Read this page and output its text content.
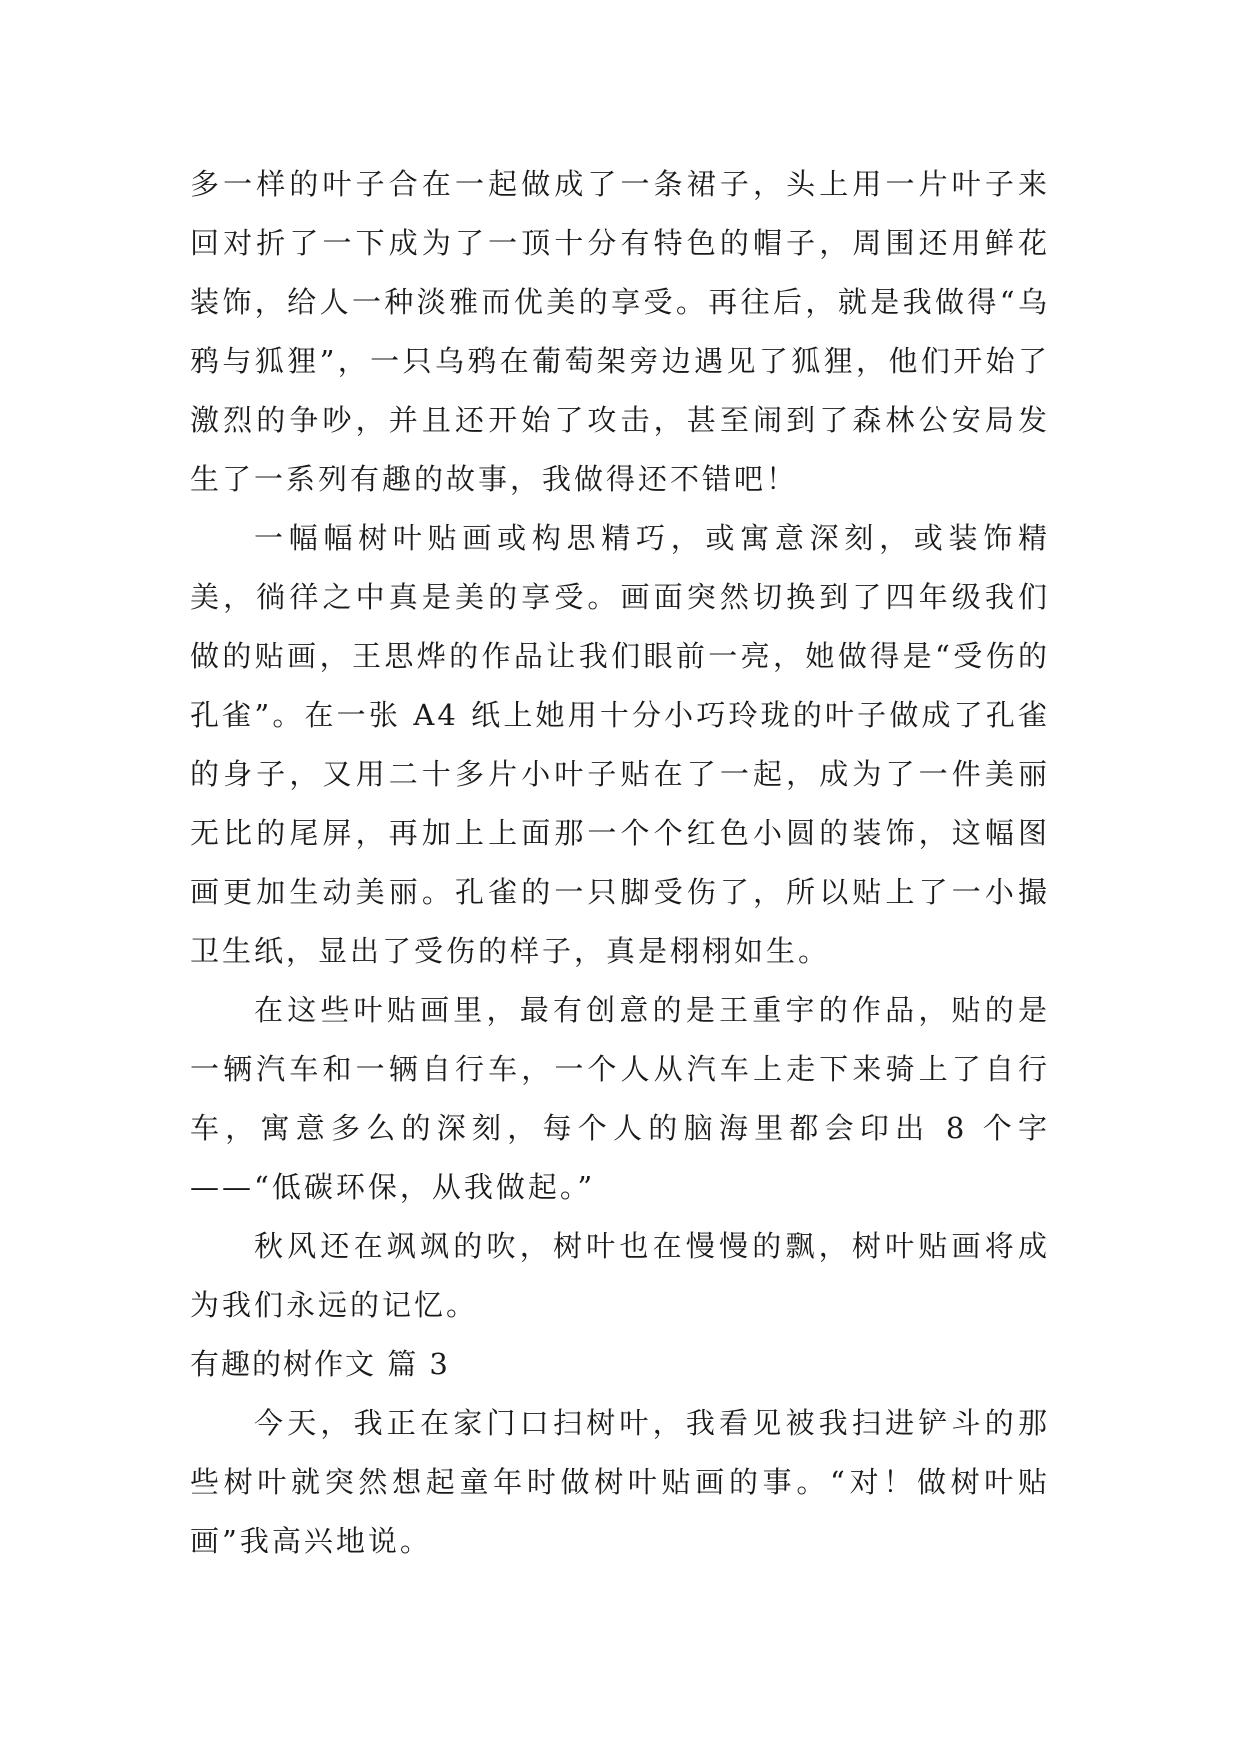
多一样的叶子合在一起做成了一条裙子，头上用一片叶子来回对折了一下成为了一顶十分有特色的帽子，周围还用鲜花装饰，给人一种淡雅而优美的享受。再往后，就是我做得“乌鸦与狐狸”，一只乌鸦在葡萄架旁边遇见了狐狸，他们开始了激烈的争吵，并且还开始了攻击，甚至闹到了森林公安局发生了一系列有趣的故事，我做得还不错吧！

一幅幅树叶贴画或构思精巧，或寓意深刻，或装饰精美，徜徉之中真是美的享受。画面突然切换到了四年级我们做的贴画，王思烨的作品让我们眼前一亮，她做得是“受伤的孔雀”。在一张 A4 纸上她用十分小巧玲珑的叶子做成了孔雀的身子，又用二十多片小叶子贴在了一起，成为了一件美丽无比的尾屏，再加上上面那一个个红色小圆的装饰，这幅图画更加生动美丽。孔雀的一只脚受伤了，所以贴上了一小撮卫生纸，显出了受伤的样子，真是栩栩如生。

在这些叶贴画里，最有创意的是王重宇的作品，贴的是一辆汽车和一辆自行车，一个人从汽车上走下来骑上了自行车，寓意多么的深刻，每个人的脑海里都会印出 8 个字——“低碳环保，从我做起。”

秋风还在飒飒的吹，树叶也在慢慢的飘，树叶贴画将成为我们永远的记忆。

有趣的树作文 篇 3

今天，我正在家门口扫树叶，我看见被我扫进铲斗的那些树叶就突然想起童年时做树叶贴画的事。“对！做树叶贴画”我高兴地说。
